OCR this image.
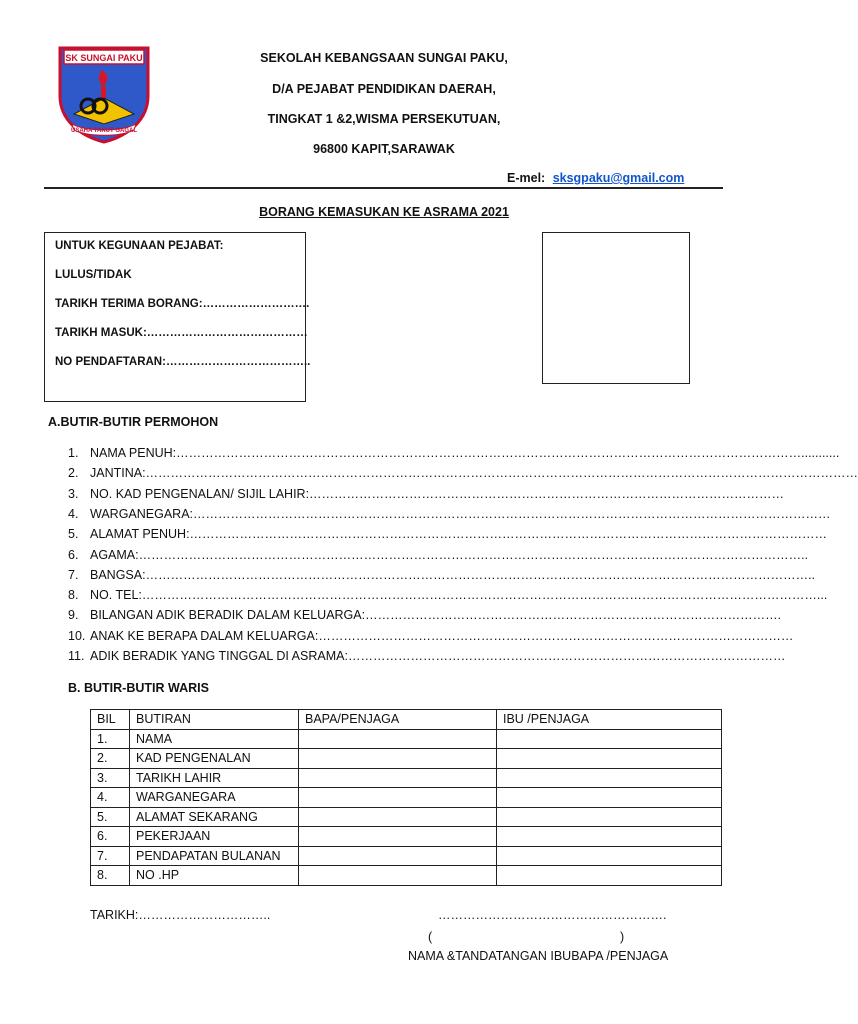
SK SUNGAI PAKU
USAHA TAKUT GAGAL
SEKOLAH KEBANGSAAN SUNGAI PAKU,
D/A PEJABAT PENDIDIKAN DAERAH,
TINGKAT 1 &2,WISMA PERSEKUTUAN,
96800 KAPIT,SARAWAK
E-mel: sksgpaku@gmail.com
BORANG KEMASUKAN KE ASRAMA 2021
UNTUK KEGUNAAN PEJABAT:
LULUS/TIDAK
TARIKH TERIMA BORANG:……………………….
TARIKH MASUK:……………………………………
NO PENDAFTARAN:………………………………..
A.BUTIR-BUTIR PERMOHON
1. NAMA PENUH:……………………………………………………………………………………………………………………………………...........
2. JANTINA:………………………………………………………………………………………………………………………………………………………
3. NO. KAD PENGENALAN/ SIJIL LAHIR:……………………………………………………………………………………………………
4. WARGANEGARA:………………………………………………………………………………………………………………………………………
5. ALAMAT PENUH:………………………………………………………………………………………………………………………………………
6. AGAMA:……………………………………………………………………………………………………………………………………………..
7. BANGSA:……………………………………………………………………………………………………………………………………………..
8. NO. TEL:………………………………………………………………………………………………………………………………………………...
9. BILANGAN ADIK BERADIK DALAM KELUARGA:……………………………………………………………………………………….
10. ANAK KE BERAPA DALAM KELUARGA:……………………………………………………………………………………………………
11. ADIK BERADIK YANG TINGGAL DI ASRAMA:……………………………………………………………………………………………
B. BUTIR-BUTIR WARIS
BIL	BUTIRAN	BAPA/PENJAGA	IBU /PENJAGA
1.	NAMA		
2.	KAD PENGENALAN		
3.	TARIKH LAHIR		
4.	WARGANEGARA		
5.	ALAMAT SEKARANG		
6.	PEKERJAAN		
7.	PENDAPATAN BULANAN		
8.	NO .HP		
TARIKH:…………………………..	……………………………………………….
(	)
NAMA &TANDATANGAN IBUBAPA /PENJAGA
